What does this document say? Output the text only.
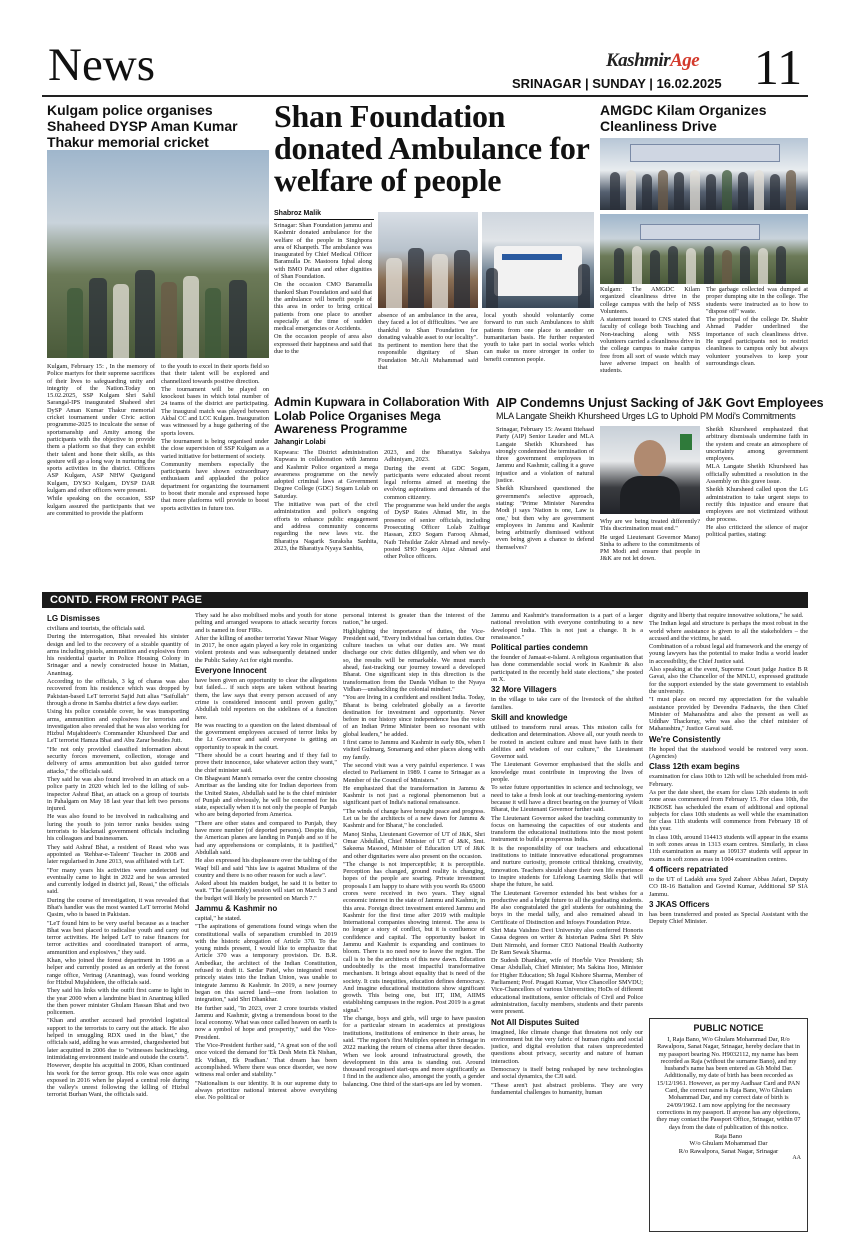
News	KashmirAge
SRINAGAR | SUNDAY | 16.02.2025 11
Kulgam police organises Shaheed DYSP Aman Kumar Thakur memorial cricket

Kulgam, February 15: , In the memory of Police martyrs for their supreme sacrifices of their lives to safeguarding unity and integrity of the Nation.Today on 15.02.2025, SSP Kulgam Shri Sahil Sarangal-IPS inaugurated Shaheed shri DySP Aman Kumar Thakur memorial cricket tournament under Civic action programme-2025 to inculcate the sense of sportsmanship and Amity among the participants with the objective to provide them a platform so that they can exhibit their talent and hone their skills, as this gesture will go a long way in nurturing the sports activities in the district. Officers ASP Kulgam, ASP NHW Qazigund Kulgam, DYSO Kulgam, DYSP DAR kulgam and other officers were present.

While speaking on the occasion, SSP kulgam assured the participants that we are committed to provide the platform

to the youth to excel in their sports field so that their talent will be explored and channelized towards positive direction.

The tournament will be played on knockout bases in which total number of 24 teams of the district are participating. The inaugural match was played between Akbal CC and LCC Kulgam. Inauguration was witnessed by a huge gathering of the sports lovers.

The tournament is being organised under the close supervision of SSP Kulgam as a varied initiative for betterment of society.

Community members especially the participants have shown extraordinary enthusiasm and applauded the police department for organizing the tournament to boost their morale and expressed hope that more platforms will provide to boost sports activities in future too.

Shan Foundation donated Ambulance for welfare of people
Shabroz Malik

Srinagar: Shan Foundation jammu and Kashmir donated ambulance for the welfare of the people in Singhpora area of Khanpeth. The ambulance was inaugurated by Chief Medical Officer Baramulla Dr. Mastoora Iqbal along with BMO Pattan and other dignities of Shan Foundation.

On the occasion CMO Baramulla thanked Shan Foundation and said that the ambulance will benefit people of this area in order to bring critical patients from one place to another especially at the time of sudden medical emergencies or Accidents.

On the occasion people of area also expressed their happiness and said that due to the

absence of an ambulance in the area, they faced a lot of difficulties. "we are thankful to Shan Foundation for donating valuable asset to our locality".

Its pertinent to mention here that the responsible dignitary of Shan Foundation Mr.Ali Muhammad said that

local youth should voluntarily come forward to run such Ambulances to shift patients from one place to another on humanitarian basis. He further requested youth to take part in social works which can make us more stronger in order to benefit common people.

AMGDC Kilam Organizes Cleanliness Drive

Kulgam: The AMGDC Kilam organized cleanliness drive in the college campus with the help of NSS Volunteers.

A statement issued to CNS stated that faculty of college both Teaching and Non-teaching along with NSS volunteers carried a cleanliness drive in the college campus to make campus free from all sort of waste which may have adverse impact on health of students.

The garbage collected was dumped at proper dumping site in the college. The students were instructed as to how to "dispose off" waste.

The principal of the college Dr. Shabir Ahmad Padder underlined the importance of such cleanliness drive. He urged participants not to restrict cleanliness to campus only but always volunteer yourselves to keep your surroundings clean.

Admin Kupwara in Collaboration With Lolab Police Organises Mega Awareness Programme
Jahangir Lolabi

Kupwara: The District administration Kupwara in collaboration with Jammu and Kashmir Police organized a mega awareness programme on the newly adopted criminal laws at Government Degree College (GDC) Sogam Lolab on Saturday.

The initiative was part of the civil administration and police's ongoing efforts to enhance public engagement and address community concerns regarding the new laws viz. the Bharatiya Nagarik Suraksha Sanhita, 2023, the Bharatiya Nyaya Sanhita,

2023, and the Bharatiya Sakshya Adhiniyam, 2023.

During the event at GDC Sogam, participants were educated about recent legal reforms aimed at meeting the evolving aspirations and demands of the common citizenry.

The programme was held under the aegis of DySP Raies Ahmad Mir, in the presence of senior officials, including Prosecuting Officer Lolab Zulfiqar Hassan, ZEO Sogam Farooq Ahmad, Naib Tehsildar Zakir Ahmad and newly-posted SHO Sogam Aijaz Ahmad and other Police officers.

AIP Condemns Unjust Sacking of J&K Govt Employees
MLA Langate Sheikh Khursheed Urges LG to Uphold PM Modi's Commitments

Srinagar, February 15: Awami Ittehaad Party (AIP) Senior Leader and MLA Langate Sheikh Khursheed has strongly condemned the termination of three government employees in Jammu and Kashmir, calling it a grave injustice and a violation of natural justice.

Sheikh Khursheed questioned the government's selective approach, stating: "Prime Minister Narendra Modi ji says 'Nation is one, Law is one,' but then why are government employees in Jammu and Kashmir being arbitrarily dismissed without even being given a chance to defend themselves?

Why are we being treated differently? This discrimination must end."

He urged Lieutenant Governor Manoj Sinha to adhere to the commitments of PM Modi and ensure that people in J&K are not let down.

Sheikh Khursheed emphasized that arbitrary dismissals undermine faith in the system and create an atmosphere of uncertainty among government employees.

MLA Langate Sheikh Khursheed has officially submitted a resolution in the Assembly on this grave issue.

Sheikh Khursheed called upon the LG administration to take urgent steps to rectify this injustice and ensure that employees are not victimized without due process.

He also criticized the silence of major political parties, stating:

CONTD. FROM FRONT PAGE
LG Dismisses

civilians and tourists, the officials said.

During the interrogation, Bhat revealed his sinister design and led to the recovery of a sizable quantity of arms including pistols, ammunition and explosives from his residential quarter in Police Housing Colony in Srinagar and a newly constructed house in Mattan, Anantnag.

According to the officials, 3 kg of charas was also recovered from his residence which was dropped by Pakistan-based LeT terrorist Sajid Jutt alias "Saifullah" through a drone in Samba district a few days earlier.

Using his police constable cover, he was transporting arms, ammunition and explosives for terrorists and investigation also revealed that he was also working for Hizbul Mujahideen's Commander Khursheed Dar and LeT terrorist Hamza Bhai and Abu Zarar besides Jutt.

"He not only provided classified information about security forces movement, collection, storage and delivery of arms ammunition but also guided terror attacks," the officials said.

They said he was also found involved in an attack on a police party in 2020 which led to the killing of sub-inspector Ashraf Bhat, an attack on a group of tourists in Pahalgam on May 18 last year that left two persons injured.

He was also found to be involved in radicalising and luring the youth to join terror ranks besides using terrorists to blackmail government officials including his colleagues and businessmen.

They said Ashraf Bhat, a resident of Reasi who was appointed as 'Rehbar-e-Taleem' Teacher in 2008 and later regularised in June 2013, was affiliated with LeT.

"For many years his activities were undetected but eventually came to light in 2022 and he was arrested and currently lodged in district jail, Reasi," the officials said.

During the course of investigation, it was revealed that Bhat's handler was the most wanted LeT terrorist Mohd Qasim, who is based in Pakistan.

"LeT found him to be very useful because as a teacher Bhat was best placed to radicalise youth and carry out terror activities. He helped LeT to raise finances for terror activities and coordinated transport of arms, ammunition and explosives," they said.

Khan, who joined the forest department in 1996 as a helper and currently posted as an orderly at the forest range office, Verinag (Anantnag), was found working for Hizbul Mujahideen, the officials said.

They said his links with the outfit first came to light in the year 2000 when a landmine blast in Anantnag killed the then power minister Ghulam Hassan Bhat and two policemen.

"Khan and another accused had provided logistical support to the terrorists to carry out the attack. He also helped in smuggling RDX used in the blast," the officials said, adding he was arrested, chargesheeted but later acquitted in 2006 due to "witnesses backtracking, intimidating environment inside and outside the courts".

However, despite his acquittal in 2006, Khan continued his work for the terror group. His role was once again exposed in 2016 when he played a central role during the valley's unrest following the killing of Hizbul terrorist Burhan Wani, the officials said.

They said he also mobilised mobs and youth for stone pelting and arranged weapons to attack security forces and is named in four FIRs.

After the killing of another terrorist Yawar Nisar Wagay in 2017, he once again played a key role in organizing violent protests and was subsequently detained under the Public Safety Act for eight months.

Everyone Innocent

have been given an opportunity to clear the allegations but failed.... if such steps are taken without hearing them, the law says that every person accused of any crime is considered innocent until proven guilty," Abdullah told reporters on the sidelines of a function here.

He was reacting to a question on the latest dismissal of the government employees accused of terror links by the Lt Governor and said everyone is getting an opportunity to speak in the court.

"There should be a court hearing and if they fail to prove their innocence, take whatever action they want," the chief minister said.

On Bhagwant Mann's remarks over the centre choosing Amritsar as the landing site for Indian deportees from the United States, Abdullah said he is the chief minister of Punjab and obviously, he will be concerned for his state, especially when it is not only the people of Punjab who are being deported from America.

"There are other states and compared to Punjab, they have more number (of deported persons). Despite this, the American planes are landing in Punjab and so if he had any apprehensions or complaints, it is justified," Abdullah said.

He also expressed his displeasure over the tabling of the Waqf bill and said "this law is against Muslims of the country and there is no other reason for such a law".

Asked about his maiden budget, he said it is better to wait. "The (assembly) session will start on March 3 and the budget will likely be presented on March 7."

Jammu & Kashmir no

capital," he stated.

"The aspirations of generations found wings when the constitutional walls of separatism crumbled in 2019 with the historic abrogation of Article 370. To the young minds present, I would like to emphasize that Article 370 was a temporary provision. Dr. B.R. Ambedkar, the architect of the Indian Constitution, refused to draft it. Sardar Patel, who integrated most princely states into the Indian Union, was unable to integrate Jammu & Kashmir. In 2019, a new journey began on this sacred land—one from isolation to integration," said Shri Dhankhar.

He further said, "In 2023, over 2 crore tourists visited Jammu and Kashmir, giving a tremendous boost to the local economy. What was once called heaven on earth is now a symbol of hope and prosperity," said the Vice-President.

The Vice-President further said, "A great son of the soil once voiced the demand for 'Ek Desh Mein Ek Nishan, Ek Vidhan, Ek Pradhan.' That dream has been accomplished. Where there was once disorder, we now witness real order and stability."

"Nationalism is our identity. It is our supreme duty to always prioritize national interest above everything else. No political or

personal interest is greater than the interest of the nation," he urged.

Highlighting the importance of duties, the Vice-President said, "Every individual has certain duties. Our culture teaches us what our duties are. We must discharge our civic duties diligently, and when we do so, the results will be remarkable. We must march ahead, fast-tracking our journey toward a developed Bharat. One significant step in this direction is the transformation from the Danda Vidhan to the Nyaya Vidhan—unshackling the colonial mindset."

"You are living in a confident and resilient India. Today, Bharat is being celebrated globally as a favorite destination for investment and opportunity. Never before in our history since independence has the voice of an Indian Prime Minister been so resonant with global leaders," he added.

I first came to Jammu and Kashmir in early 80s, when I visited Gulmarg, Sonamarg and other places along with my family.

The second visit was a very painful experience. I was elected to Parliament in 1989. I came to Srinagar as a Member of the Council of Ministers."

He emphasized that the transformation in Jammu & Kashmir is not just a regional phenomenon but a significant part of India's national renaissance.

"The winds of change have brought peace and progress. Let us be the architects of a new dawn for Jammu & Kashmir and for Bharat," he concluded.

Manoj Sinha, Lieutenant Governor of UT of J&K, Shri Omar Abdullah, Chief Minister of UT of J&K, Smt. Sakeena Masood, Minister of Education UT of J&K and other dignitaries were also present on the occasion.

"The change is not imperceptible; it is perceptible. Perception has changed, ground reality is changing, hopes of the people are soaring. Private investment proposals I am happy to share with you worth Rs 65000 crores were received in two years. They signal economic interest in the state of Jammu and Kashmir, in this area. Foreign direct investment entered Jammu and Kashmir for the first time after 2019 with multiple International companies showing interest. The area is no longer a story of conflict, but it is confluence of confidence and capital. The opportunity basket in Jammu and Kashmir is expanding and continues to bloom. There is no need now to leave the region. The call is to be the architects of this new dawn. Education undoubtedly is the most impactful transformative mechanism. It brings about equality that is need of the society. It cuts inequities, education defines democracy. And imagine educational institutions show significant growth. This being one, but IIT, IIM, AIIMS establishing campuses in the region. Post 2019 is a great signal."

The change, boys and girls, will urge to have passion for a particular stream in academics at prestigious institutions, institutions of eminence in their areas, he said. "The region's first Multiplex opened in Srinagar in 2022 marking the return of cinema after three decades. When we look around infrastructural growth, the development in this area is standing out. Around thousand recognised start-ups and more significantly as I find in the audience also, amongst the youth, a gender balancing. One third of the start-ups are led by women.

Jammu and Kashmir's transformation is a part of a larger national revolution with everyone contributing to a new developed India. This is not just a change. It is a renaissance."

Political parties condemn

the founder of Jamaat-e-Islami. A religious organisation that has done commendable social work in Kashmir & also participated in the recently held state elections," she posted on X.

32 More Villagers

in the village to take care of the livestock of the shifted families.

Skill and knowledge

utilised to transform rural areas. This mission calls for dedication and determination. Above all, our youth needs to be rooted in ancient culture and must have faith in their abilities and wisdom of our culture," the Lieutenant Governor said.

The Lieutenant Governor emphasised that the skills and knowledge must contribute in improving the lives of people.

To seize future opportunities in science and technology, we need to take a fresh look at our teaching-mentoring system because it will have a direct bearing on the journey of Viksit Bharat, the Lieutenant Governor further said.

The Lieutenant Governor asked the teaching community to focus on harnessing the capacities of our students and transform the educational institutions into the most potent instrument to build a prosperous India.

It is the responsibility of our teachers and educational institutions to initiate innovative educational programmes and nurture curiosity, promote critical thinking, creativity, innovation. Teachers should share their own life experience to inspire students for Lifelong Learning Skills that will shape the future, he said.

The Lieutenant Governor extended his best wishes for a productive and a bright future to all the graduating students. He also congratulated the girl students for outshining the boys in the medal tally, and also remained ahead in Certificate of Distinction and Infosys Foundation Prize.

Shri Mata Vaishno Devi University also conferred Honoris Causa degrees on writer & historian Padma Shri Pt Shiv Dutt Nirmohi, and former CEO National Health Authority Dr Ram Sewak Sharma.

Dr Sudesh Dhankhar, wife of Hon'ble Vice President; Sh Omar Abdullah, Chief Minister; Ms Sakina Itoo, Minister for Higher Education; Sh Jugal Kishore Sharma, Member of Parliament; Prof. Pragati Kumar, Vice Chancellor SMVDU; Vice-Chancellors of various Universities; HoDs of different educational institutions, senior officials of Civil and Police administration, faculty members, students and their parents were present.

Not All Disputes Suited

imagined, like climate change that threatens not only our environment but the very fabric of human rights and social justice, and digital evolution that raises unprecedented questions about privacy, security and nature of human interaction.

Democracy is itself being reshaped by new technologies and social dynamics, the CJI said.

"These aren't just abstract problems. They are very fundamental challenges to humanity, human

dignity and liberty that require innovative solutions," he said.

The Indian legal aid structure is perhaps the most robust in the world where assistance is given to all the stakeholders – the accused and the victims, he said.

Combination of a robust legal aid framework and the energy of young lawyers has the potential to make India a world leader in accessibility, the Chief Justice said.

Also speaking at the event, Supreme Court judge Justice B R Gavai, also the Chancellor of the MNLU, expressed gratitude for the support extended by the state government to establish the university.

"I must place on record my appreciation for the valuable assistance provided by Devendra Fadnavis, the then Chief Minister of Maharashtra and also the present as well as Uddhav Thackeray, who was also the chief minister of Maharashtra," Justice Gavai said.

We're Consistently

He hoped that the statehood would be restored very soon. (Agencies)

Class 12th exam begins

examination for class 10th to 12th will be scheduled from mid-February.

As per the date sheet, the exam for class 12th students in soft zone areas commenced from February 15. For class 10th, the JKBOSE has scheduled the exam of additional and optional subjects for class 10th students as well while the examination for class 11th students will commence from February 18 of this year.

In class 10th, around 114413 students will appear in the exams in soft zones areas in 1313 exam centres. Similarly, in class 11th examination as many as 109137 students will appear in exams in soft zones areas in 1004 examination centres.

4 officers repatriated

to the UT of Ladakh area Syed Zaheer Abbas Jafari, Deputy CO IR-16 Battalion and Govind Kumar, Additional SP SIA Jammu.

3 JKAS Officers

has been transferred and posted as Special Assistant with the Deputy Chief Minister.

PUBLIC NOTICE

I, Raja Bano, W/o Ghulam Mohammad Dar, R/o Rawalpora, Sanat Nagar, Srinagar, hereby declare that in my passport bearing No. H9032112, my name has been recorded as Raja (without the surname Bano), and my husband's name has been entered as Gh Mohd Dar. Additionally, my date of birth has been recorded as 15/12/1961. However, as per my Aadhaar Card and PAN Card, the correct name is Raja Bano, W/o Ghulam Mohammad Dar, and my correct date of birth is 24/09/1962. I am now applying for the necessary corrections in my passport. If anyone has any objections, they may contact the Passport Office, Srinagar, within 07 days from the date of publication of this notice.

Raja Bano
W/o Ghulam Mohammad Dar
R/o Rawalpora, Sanat Nagar, Srinagar
AA
